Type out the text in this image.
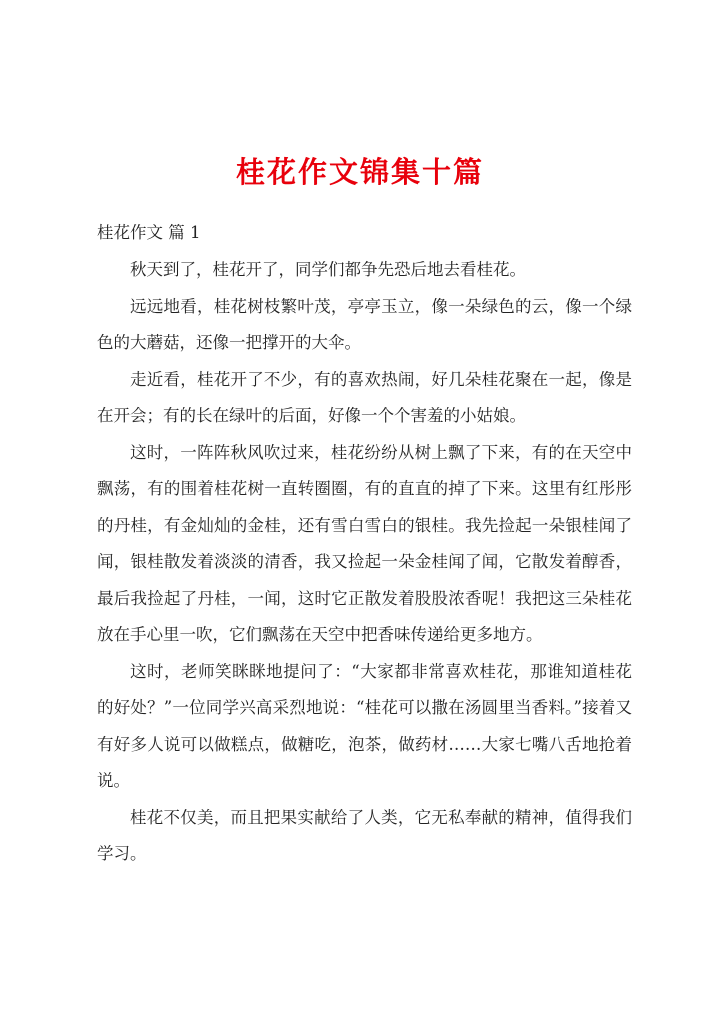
桂花作文锦集十篇
桂花作文 篇 1

秋天到了，桂花开了，同学们都争先恐后地去看桂花。

远远地看，桂花树枝繁叶茂，亭亭玉立，像一朵绿色的云，像一个绿色的大蘑菇，还像一把撑开的大伞。

走近看，桂花开了不少，有的喜欢热闹，好几朵桂花聚在一起，像是在开会；有的长在绿叶的后面，好像一个个害羞的小姑娘。

这时，一阵阵秋风吹过来，桂花纷纷从树上飘了下来，有的在天空中飘荡，有的围着桂花树一直转圈圈，有的直直的掉了下来。这里有红彤彤的丹桂，有金灿灿的金桂，还有雪白雪白的银桂。我先捡起一朵银桂闻了闻，银桂散发着淡淡的清香，我又捡起一朵金桂闻了闻，它散发着醇香，最后我捡起了丹桂，一闻，这时它正散发着股股浓香呢！我把这三朵桂花放在手心里一吹，它们飘荡在天空中把香味传递给更多地方。

这时，老师笑眯眯地提问了：“大家都非常喜欢桂花，那谁知道桂花的好处？”一位同学兴高采烈地说：“桂花可以撒在汤圆里当香料。”接着又有好多人说可以做糕点，做糖吃，泡茶，做药材……大家七嘴八舌地抢着说。

桂花不仅美，而且把果实献给了人类，它无私奉献的精神，值得我们学习。
